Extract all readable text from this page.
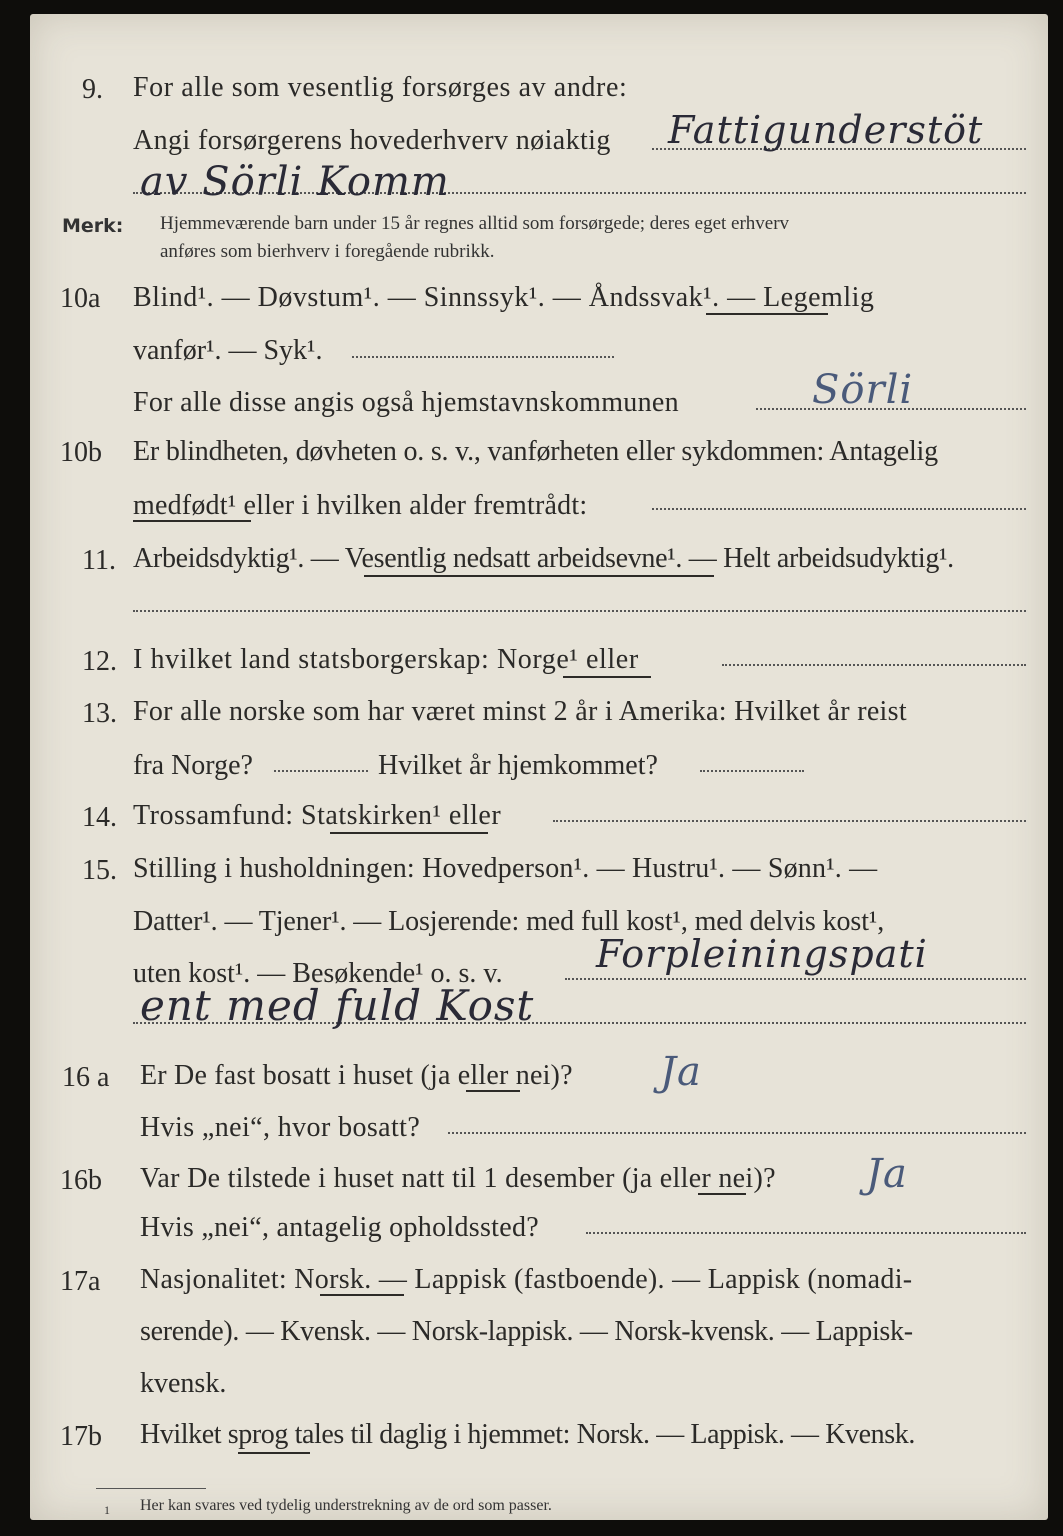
9. For alle som vesentlig forsørges av andre:
Angi forsørgerens hovederhverv nøiaktig Fattigunderstöt
av Sörli Komm
Merk: Hjemmeværende barn under 15 år regnes alltid som forsørgede; deres eget erhverv
anføres som bierhverv i foregående rubrikk.
10a Blind¹. — Døvstum¹. — Sinnssyk¹. — Åndssvak¹. — Legemlig
vanfør¹. — Syk¹.
For alle disse angis også hjemstavnskommunen	Sörli
10b Er blindheten, døvheten o. s. v., vanførheten eller sykdommen: Antagelig
medfødt¹ eller i hvilken alder fremtrådt:
11. Arbeidsdyktig¹. — Vesentlig nedsatt arbeidsevne¹. — Helt arbeidsudyktig¹.
12. I hvilket land statsborgerskap: Norge¹ eller
13. For alle norske som har været minst 2 år i Amerika: Hvilket år reist
fra Norge?	Hvilket år hjemkommet?
14. Trossamfund: Statskirken¹ eller
15. Stilling i husholdningen: Hovedperson¹. — Hustru¹. — Sønn¹. —
Datter¹. — Tjener¹. — Losjerende: med full kost¹, med delvis kost¹,
uten kost¹. — Besøkende¹ o. s. v. Forpleiningspati
ent med fuld Kost
16 a Er De fast bosatt i huset (ja eller nei)? Ja
Hvis „nei“, hvor bosatt?
16b Var De tilstede i huset natt til 1 desember (ja eller nei)? Ja
Hvis „nei“, antagelig opholdssted?
17a Nasjonalitet: Norsk. — Lappisk (fastboende). — Lappisk (nomadi-
serende). — Kvensk. — Norsk-lappisk. — Norsk-kvensk. — Lappisk-
kvensk.
17b Hvilket sprog tales til daglig i hjemmet: Norsk. — Lappisk. — Kvensk.
1 Her kan svares ved tydelig understrekning av de ord som passer.
